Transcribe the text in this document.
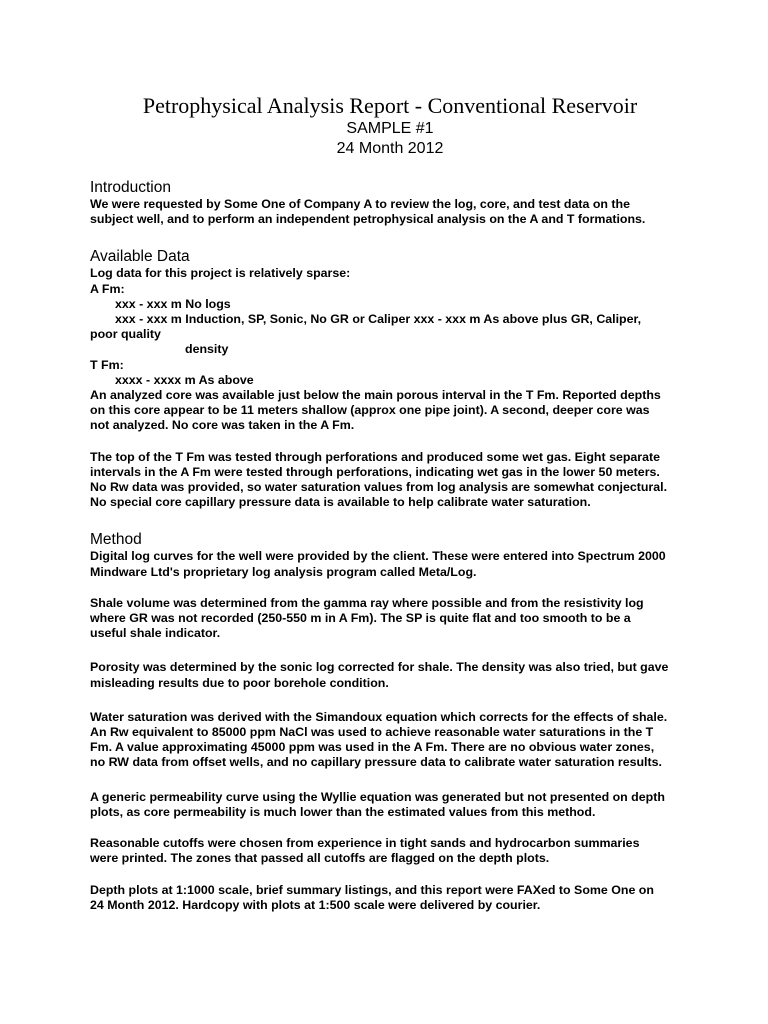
Petrophysical Analysis Report - Conventional Reservoir
SAMPLE #1
24 Month 2012
Introduction
We were requested by Some One of Company A to review the log, core, and test data on the
subject well, and to perform an independent petrophysical analysis on the A and T formations.
Available Data
Log data for this project is relatively sparse:
A Fm:
xxx - xxx m No logs
xxx - xxx m Induction, SP, Sonic, No GR or Caliper xxx - xxx m As above plus GR, Caliper,
poor quality
density
T Fm:
xxxx - xxxx m As above
An analyzed core was available just below the main porous interval in the T Fm. Reported depths
on this core appear to be 11 meters shallow (approx one pipe joint). A second, deeper core was
not analyzed. No core was taken in the A Fm.
The top of the T Fm was tested through perforations and produced some wet gas. Eight separate
intervals in the A Fm were tested through perforations, indicating wet gas in the lower 50 meters.
No Rw data was provided, so water saturation values from log analysis are somewhat conjectural.
No special core capillary pressure data is available to help calibrate water saturation.
Method
Digital log curves for the well were provided by the client. These were entered into Spectrum 2000
Mindware Ltd's proprietary log analysis program called Meta/Log.
Shale volume was determined from the gamma ray where possible and from the resistivity log
where GR was not recorded (250-550 m in A Fm). The SP is quite flat and too smooth to be a
useful shale indicator.
Porosity was determined by the sonic log corrected for shale. The density was also tried, but gave
misleading results due to poor borehole condition.
Water saturation was derived with the Simandoux equation which corrects for the effects of shale.
An Rw equivalent to 85000 ppm NaCl was used to achieve reasonable water saturations in the T
Fm. A value approximating 45000 ppm was used in the A Fm. There are no obvious water zones,
no RW data from offset wells, and no capillary pressure data to calibrate water saturation results.
A generic permeability curve using the Wyllie equation was generated but not presented on depth
plots, as core permeability is much lower than the estimated values from this method.
Reasonable cutoffs were chosen from experience in tight sands and hydrocarbon summaries
were printed. The zones that passed all cutoffs are flagged on the depth plots.
Depth plots at 1:1000 scale, brief summary listings, and this report were FAXed to Some One on
24 Month 2012. Hardcopy with plots at 1:500 scale were delivered by courier.
